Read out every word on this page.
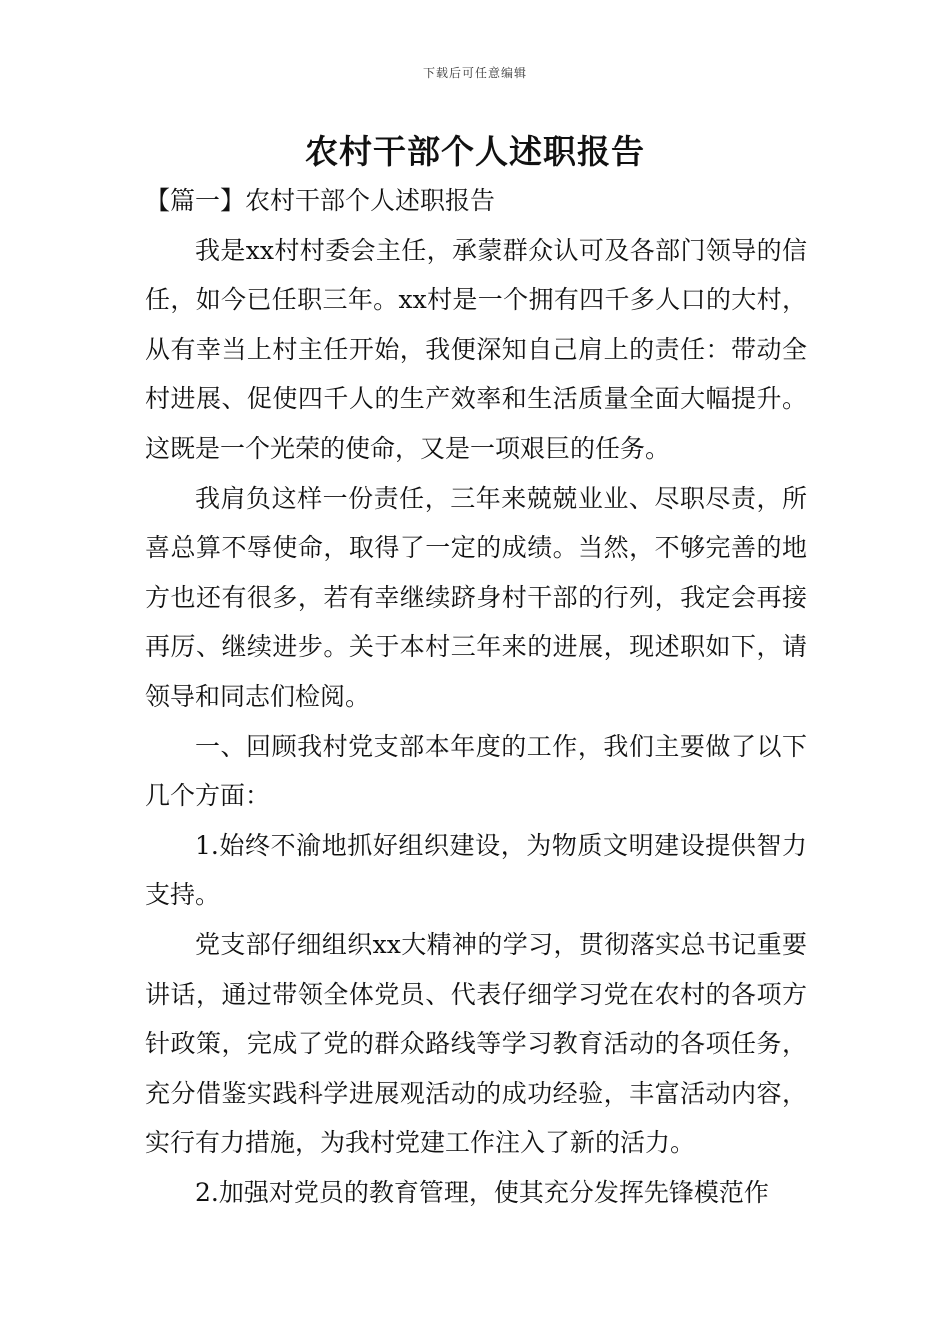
下载后可任意编辑
农村干部个人述职报告

【篇一】农村干部个人述职报告

我是xx村村委会主任，承蒙群众认可及各部门领导的信任，如今已任职三年。xx村是一个拥有四千多人口的大村，从有幸当上村主任开始，我便深知自己肩上的责任：带动全村进展、促使四千人的生产效率和生活质量全面大幅提升。这既是一个光荣的使命，又是一项艰巨的任务。

我肩负这样一份责任，三年来兢兢业业、尽职尽责，所喜总算不辱使命，取得了一定的成绩。当然，不够完善的地方也还有很多，若有幸继续跻身村干部的行列，我定会再接再厉、继续进步。关于本村三年来的进展，现述职如下，请领导和同志们检阅。

一、回顾我村党支部本年度的工作，我们主要做了以下几个方面：

1.始终不渝地抓好组织建设，为物质文明建设提供智力支持。

党支部仔细组织xx大精神的学习，贯彻落实总书记重要讲话，通过带领全体党员、代表仔细学习党在农村的各项方针政策，完成了党的群众路线等学习教育活动的各项任务，充分借鉴实践科学进展观活动的成功经验，丰富活动内容，实行有力措施，为我村党建工作注入了新的活力。

2.加强对党员的教育管理，使其充分发挥先锋模范作
